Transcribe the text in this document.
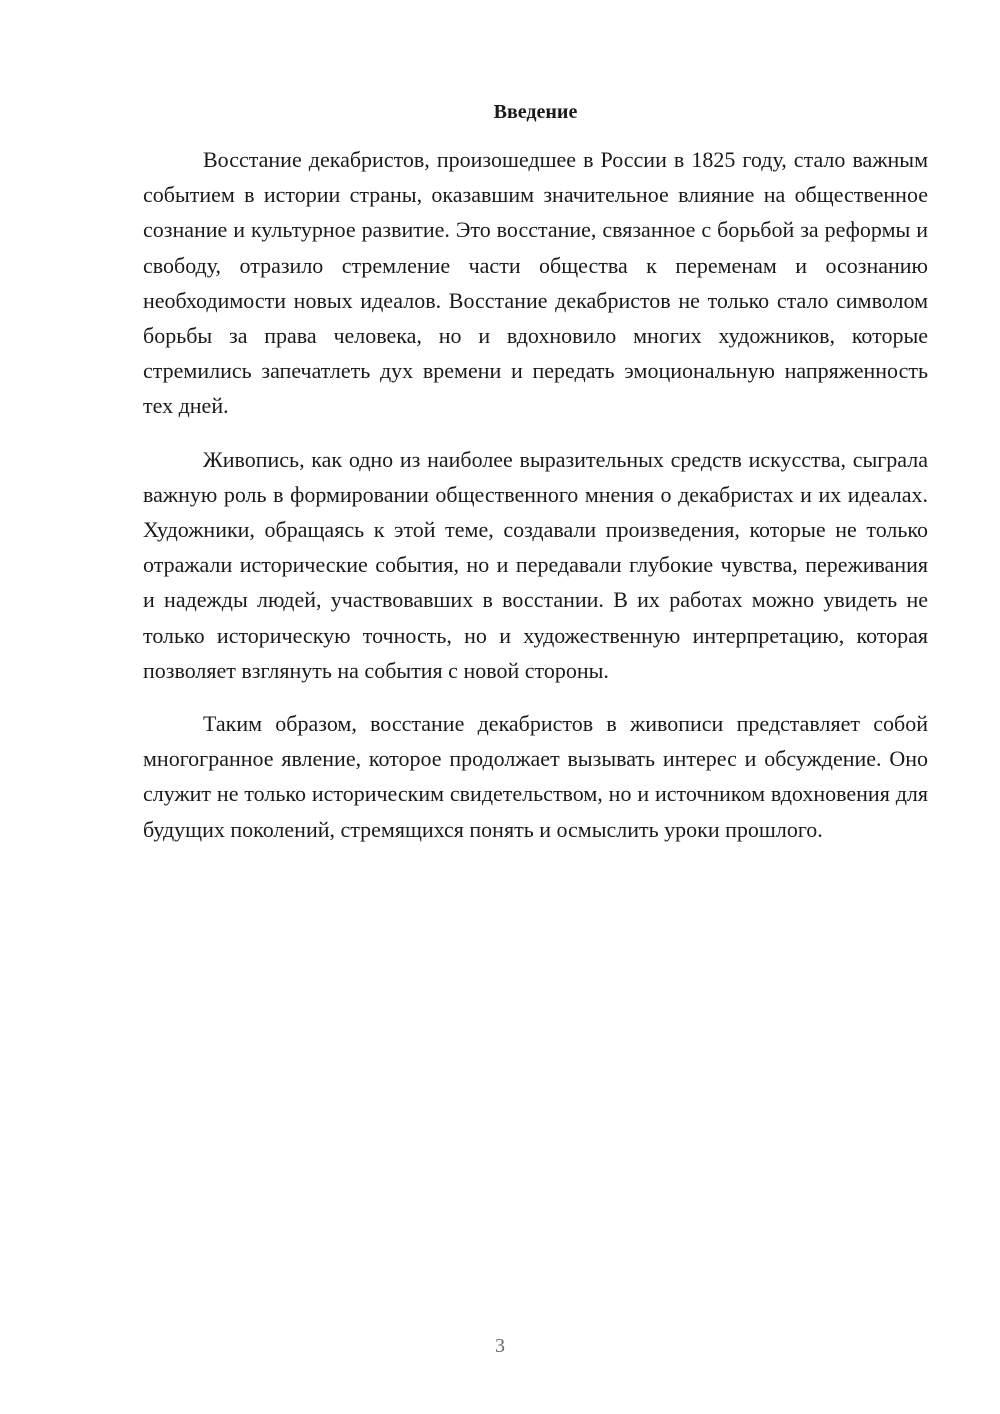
Введение

Восстание декабристов, произошедшее в России в 1825 году, стало важным событием в истории страны, оказавшим значительное влияние на общественное сознание и культурное развитие. Это восстание, связанное с борьбой за реформы и свободу, отразило стремление части общества к переменам и осознанию необходимости новых идеалов. Восстание декабристов не только стало символом борьбы за права человека, но и вдохновило многих художников, которые стремились запечатлеть дух времени и передать эмоциональную напряженность тех дней.

Живопись, как одно из наиболее выразительных средств искусства, сыграла важную роль в формировании общественного мнения о декабристах и их идеалах. Художники, обращаясь к этой теме, создавали произведения, которые не только отражали исторические события, но и передавали глубокие чувства, переживания и надежды людей, участвовавших в восстании. В их работах можно увидеть не только историческую точность, но и художественную интерпретацию, которая позволяет взглянуть на события с новой стороны.

Таким образом, восстание декабристов в живописи представляет собой многогранное явление, которое продолжает вызывать интерес и обсуждение. Оно служит не только историческим свидетельством, но и источником вдохновения для будущих поколений, стремящихся понять и осмыслить уроки прошлого.

3
